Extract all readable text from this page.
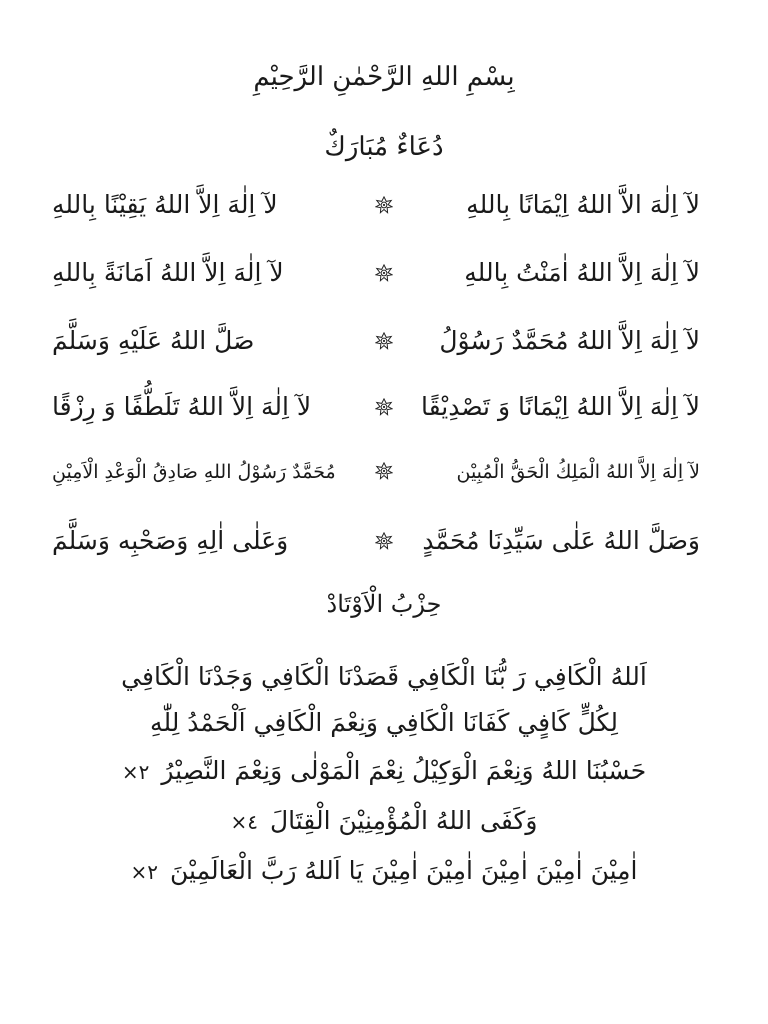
بِسْمِ اللهِ الرَّحْمٰنِ الرَّحِيْمِ
دُعَاءٌ مُبَارَكٌ
لآ اِلٰهَ الاَّ اللهُ اِيْمَانًا بِاللهِ
لآ اِلٰهَ اِلاَّ اللهُ يَقِيْنًا بِاللهِ
لآ اِلٰهَ اِلاَّ اللهُ اٰمَنْتُ بِاللهِ
لآ اِلٰهَ اِلاَّ اللهُ اَمَانَةً بِاللهِ
لآ اِلٰهَ اِلاَّ اللهُ مُحَمَّدٌ رَسُوْلُ
صَلَّ اللهُ عَلَيْهِ وَسَلَّمَ
لآ اِلٰهَ اِلاَّ اللهُ اِيْمَانًا وَ تَصْدِيْقًا
لآ اِلٰهَ اِلاَّ اللهُ تَلَطُّفًا وَ رِزْقًا
لآ اِلٰهَ اِلاَّ اللهُ الْمَلِكُ الْحَقُّ الْمُبِيْن
مُحَمَّدٌ رَسُوْلُ اللهِ صَادِقُ الْوَعْدِ الْاَمِيْنِ
وَصَلَّ اللهُ عَلٰى سَيِّدِنَا مُحَمَّدٍ
وَعَلٰى اٰلِهِ وَصَحْبِه وَسَلَّمَ
حِزْبُ الْاَوْتَادْ
اَللهُ الْكَافِي رَ بُّنَا الْكَافِي قَصَدْنَا الْكَافِي وَجَدْنَا الْكَافِي
لِكُلٍّ كَافٍي كَفَانَا الْكَافِي وَنِعْمَ الْكَافِي اَلْحَمْدُ لِلّٰهِ
حَسْبُنَا اللهُ وَنِعْمَ الْوَكِيْلُ نِعْمَ الْمَوْلٰى وَنِعْمَ النَّصِيْرُ×٢
وَكَفَى اللهُ الْمُؤْمِنِيْنَ الْقِتَالَ×٤
اٰمِيْنَ اٰمِيْنَ اٰمِيْنَ اٰمِيْنَ اٰمِيْنَ يَا اَللهُ رَبَّ الْعَالَمِيْنَ×٢
